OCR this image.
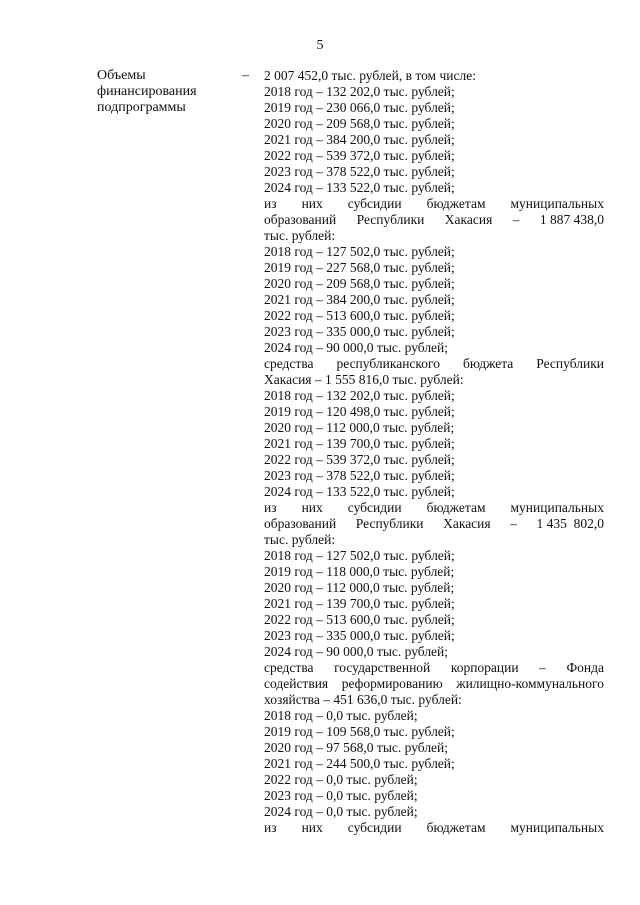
5
Объемы
финансирования
подпрограммы
– 2 007 452,0 тыс. рублей, в том числе:
2018 год – 132 202,0 тыс. рублей;
2019 год – 230 066,0 тыс. рублей;
2020 год – 209 568,0 тыс. рублей;
2021 год – 384 200,0 тыс. рублей;
2022 год – 539 372,0 тыс. рублей;
2023 год – 378 522,0 тыс. рублей;
2024 год – 133 522,0 тыс. рублей;
из них субсидии бюджетам муниципальных
образований Республики Хакасия – 1 887 438,0
тыс. рублей:
2018 год – 127 502,0 тыс. рублей;
2019 год – 227 568,0 тыс. рублей;
2020 год – 209 568,0 тыс. рублей;
2021 год – 384 200,0 тыс. рублей;
2022 год – 513 600,0 тыс. рублей;
2023 год – 335 000,0 тыс. рублей;
2024 год – 90 000,0 тыс. рублей;
средства республиканского бюджета Республики
Хакасия – 1 555 816,0 тыс. рублей:
2018 год – 132 202,0 тыс. рублей;
2019 год – 120 498,0 тыс. рублей;
2020 год – 112 000,0 тыс. рублей;
2021 год – 139 700,0 тыс. рублей;
2022 год – 539 372,0 тыс. рублей;
2023 год – 378 522,0 тыс. рублей;
2024 год – 133 522,0 тыс. рублей;
из них субсидии бюджетам муниципальных
образований Республики Хакасия – 1 435  802,0
тыс. рублей:
2018 год – 127 502,0 тыс. рублей;
2019 год – 118 000,0 тыс. рублей;
2020 год – 112 000,0 тыс. рублей;
2021 год – 139 700,0 тыс. рублей;
2022 год – 513 600,0 тыс. рублей;
2023 год – 335 000,0 тыс. рублей;
2024 год – 90 000,0 тыс. рублей;
средства государственной корпорации – Фонда
содействия реформированию жилищно-коммунального
хозяйства – 451 636,0 тыс. рублей:
2018 год – 0,0 тыс. рублей;
2019 год – 109 568,0 тыс. рублей;
2020 год – 97 568,0 тыс. рублей;
2021 год – 244 500,0 тыс. рублей;
2022 год – 0,0 тыс. рублей;
2023 год – 0,0 тыс. рублей;
2024 год – 0,0 тыс. рублей;
из них субсидии бюджетам муниципальных
